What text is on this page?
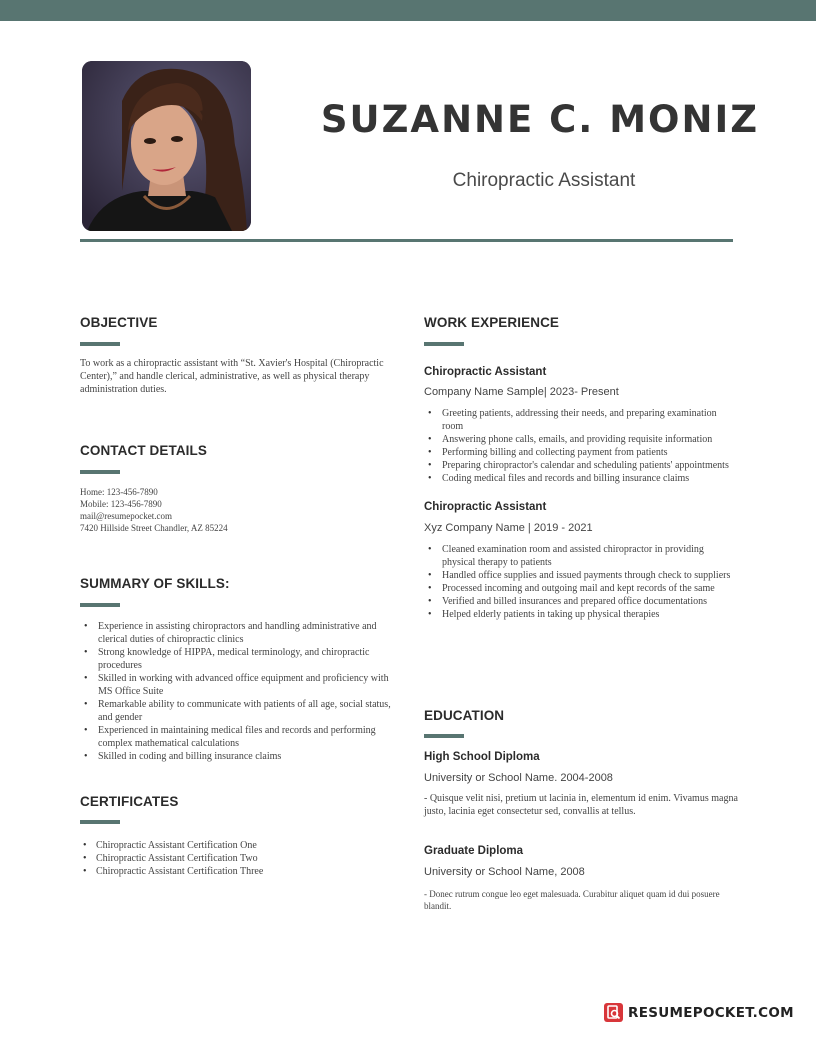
SUZANNE C. MONIZ
Chiropractic Assistant
OBJECTIVE
To work as a chiropractic assistant with “St. Xavier's Hospital (Chiropractic Center),” and handle clerical, administrative, as well as physical therapy administration duties.
CONTACT DETAILS
Home: 123-456-7890
Mobile: 123-456-7890
mail@resumepocket.com
7420 Hillside Street Chandler, AZ 85224
SUMMARY OF SKILLS:
• Experience in assisting chiropractors and handling administrative and clerical duties of chiropractic clinics
• Strong knowledge of HIPPA, medical terminology, and chiropractic procedures
• Skilled in working with advanced office equipment and proficiency with MS Office Suite
• Remarkable ability to communicate with patients of all age, social status, and gender
• Experienced in maintaining medical files and records and performing complex mathematical calculations
• Skilled in coding and billing insurance claims
CERTIFICATES
• Chiropractic Assistant Certification One
• Chiropractic Assistant Certification Two
• Chiropractic Assistant Certification Three
WORK EXPERIENCE
Chiropractic Assistant
Company Name Sample| 2023- Present
• Greeting patients, addressing their needs, and preparing examination room
• Answering phone calls, emails, and providing requisite information
• Performing billing and collecting payment from patients
• Preparing chiropractor's calendar and scheduling patients' appointments
• Coding medical files and records and billing insurance claims
Chiropractic Assistant
Xyz Company Name | 2019 - 2021
• Cleaned examination room and assisted chiropractor in providing physical therapy to patients
• Handled office supplies and issued payments through check to suppliers
• Processed incoming and outgoing mail and kept records of the same
• Verified and billed insurances and prepared office documentations
• Helped elderly patients in taking up physical therapies
EDUCATION
High School Diploma
University or School Name. 2004-2008
- Quisque velit nisi, pretium ut lacinia in, elementum id enim. Vivamus magna justo, lacinia eget consectetur sed, convallis at tellus.
Graduate Diploma
University or School Name, 2008
- Donec rutrum congue leo eget malesuada. Curabitur aliquet quam id dui posuere blandit.
RESUMEPOCKET.COM
